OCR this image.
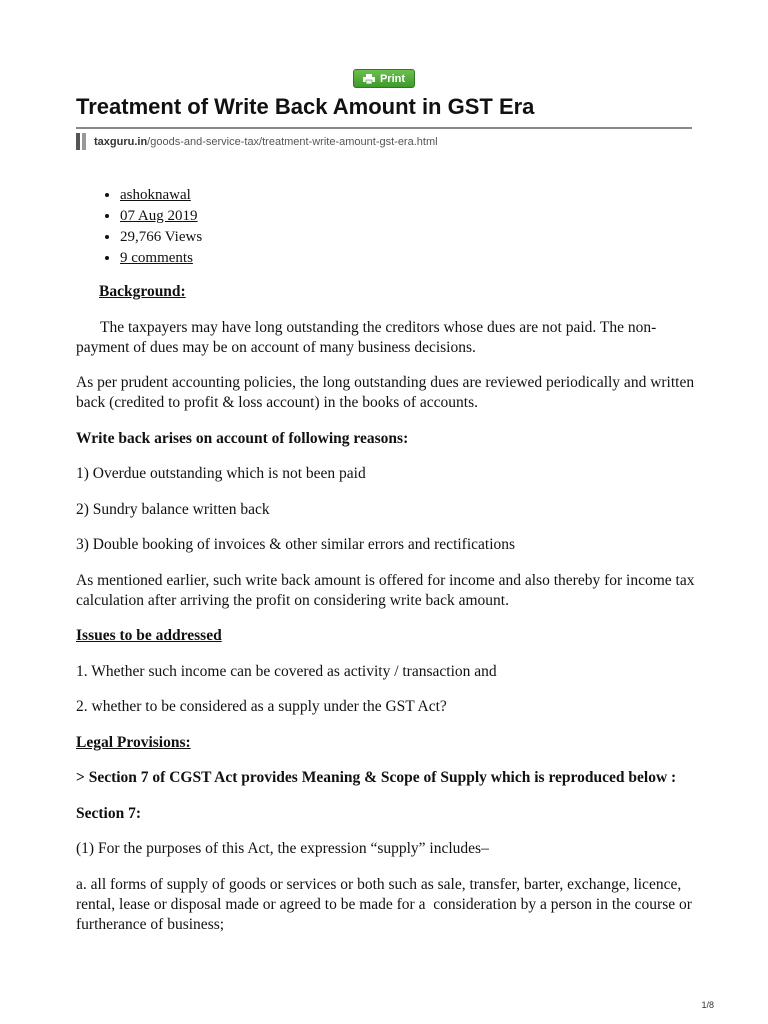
Print
Treatment of Write Back Amount in GST Era
taxguru.in/goods-and-service-tax/treatment-write-amount-gst-era.html
• ashoknawal
• 07 Aug 2019
• 29,766 Views
• 9 comments

Background:

The taxpayers may have long outstanding the creditors whose dues are not paid. The non-payment of dues may be on account of many business decisions.

As per prudent accounting policies, the long outstanding dues are reviewed periodically and written back (credited to profit & loss account) in the books of accounts.

Write back arises on account of following reasons:

1) Overdue outstanding which is not been paid

2) Sundry balance written back

3) Double booking of invoices & other similar errors and rectifications

As mentioned earlier, such write back amount is offered for income and also thereby for income tax calculation after arriving the profit on considering write back amount.

Issues to be addressed

1. Whether such income can be covered as activity / transaction and

2. whether to be considered as a supply under the GST Act?

Legal Provisions:

> Section 7 of CGST Act provides Meaning & Scope of Supply which is reproduced below :

Section 7:

(1) For the purposes of this Act, the expression “supply” includes–

a. all forms of supply of goods or services or both such as sale, transfer, barter, exchange, licence, rental, lease or disposal made or agreed to be made for a  consideration by a person in the course or furtherance of business;

1/8
